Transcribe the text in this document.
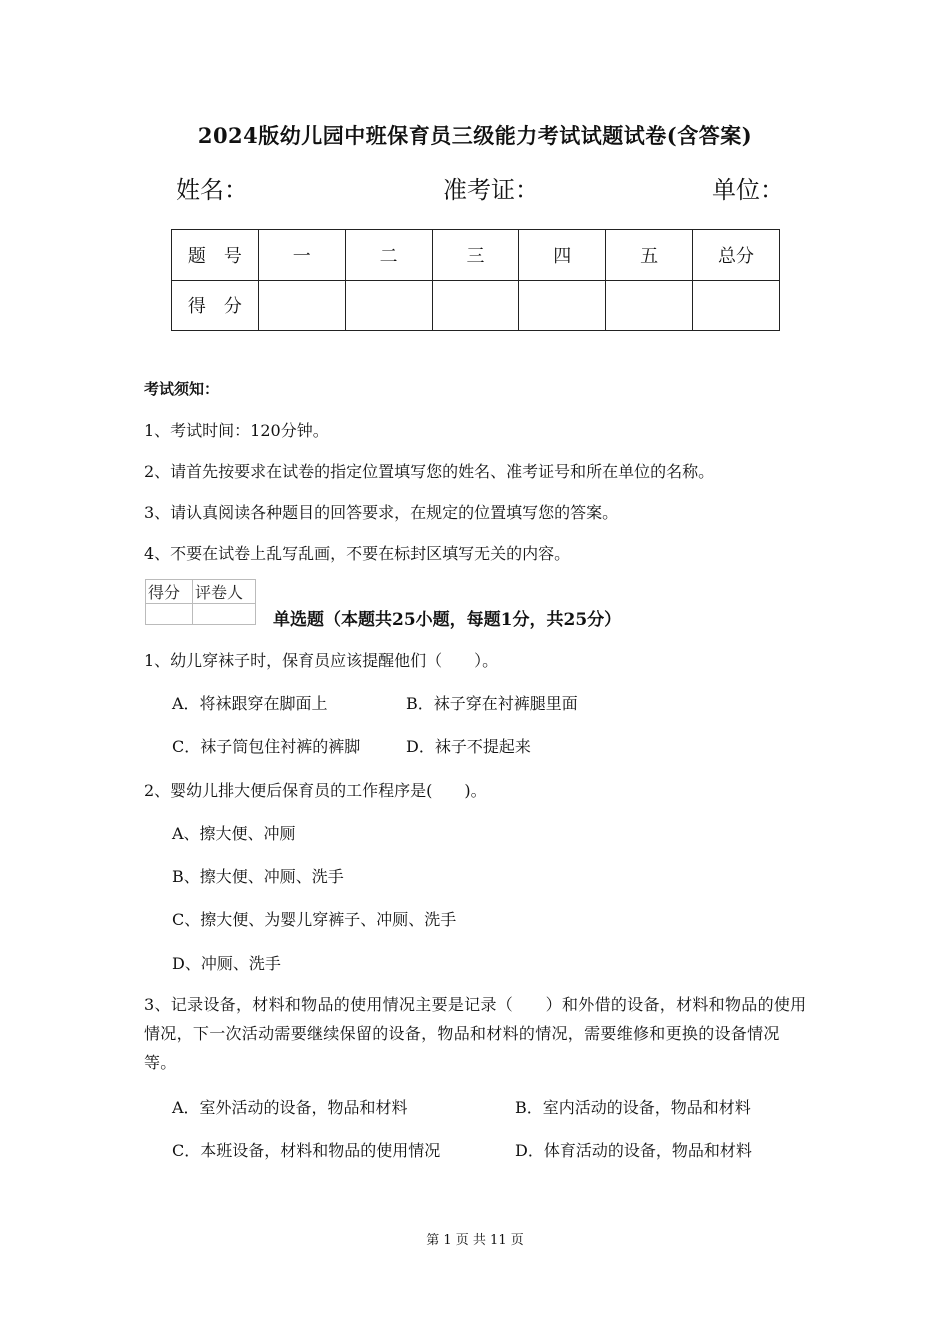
2024版幼儿园中班保育员三级能力考试试题试卷(含答案)
姓名：	准考证：	单位：
题　号	一	二	三	四	五	总分
得　分						
考试须知：
1、考试时间：120分钟。
2、请首先按要求在试卷的指定位置填写您的姓名、准考证号和所在单位的名称。
3、请认真阅读各种题目的回答要求，在规定的位置填写您的答案。
4、不要在试卷上乱写乱画，不要在标封区填写无关的内容。
得分	评卷人

单选题（本题共25小题，每题1分，共25分）
1、幼儿穿袜子时，保育员应该提醒他们（　　）。
A．将袜跟穿在脚面上	B．袜子穿在衬裤腿里面
C．袜子筒包住衬裤的裤脚	D．袜子不提起来
2、婴幼儿排大便后保育员的工作程序是(　　)。
A、擦大便、冲厕
B、擦大便、冲厕、洗手
C、擦大便、为婴儿穿裤子、冲厕、洗手
D、冲厕、洗手
3、记录设备，材料和物品的使用情况主要是记录（　　）和外借的设备，材料和物品的使用情况，下一次活动需要继续保留的设备，物品和材料的情况，需要维修和更换的设备情况等。
A．室外活动的设备，物品和材料	B．室内活动的设备，物品和材料
C．本班设备，材料和物品的使用情况	D．体育活动的设备，物品和材料
第 1 页 共 11 页
